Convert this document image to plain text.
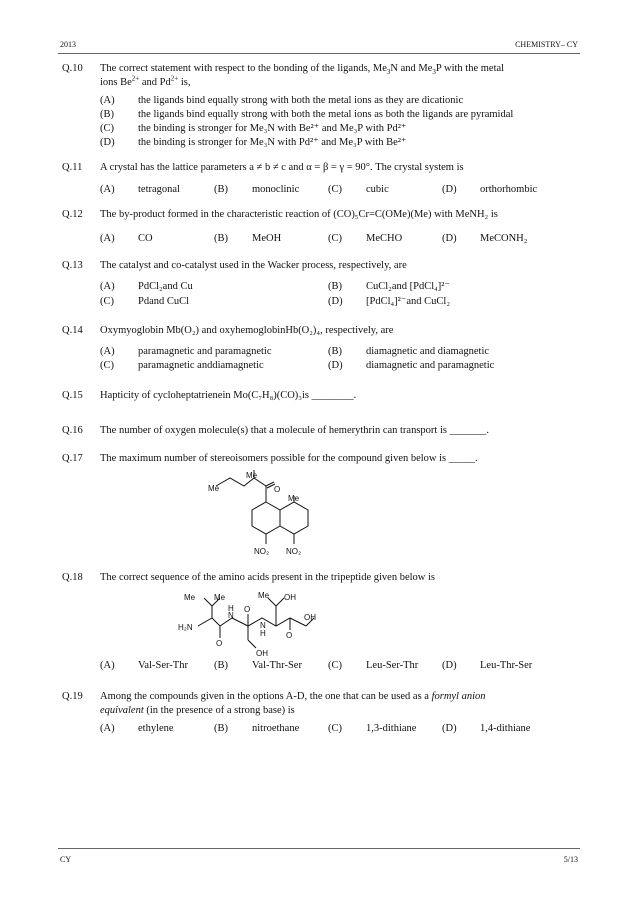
2013	CHEMISTRY– CY
CY	5/13
Q.10 The correct statement with respect to the bonding of the ligands, $Me_3N$ and $Me_3P$ with the metal
ions $Be^{2+}$ and $Pd^{2+}$ is,
(A) the ligands bind equally strong with both the metal ions as they are dicationic
(B) the ligands bind equally strong with both the metal ions as both the ligands are pyramidal
(C) the binding is stronger for Me₃N with Be²⁺ and Me₃P with Pd²⁺
(D) the binding is stronger for Me₃N with Pd²⁺ and Me₃P with Be²⁺
Q.11 A crystal has the lattice parameters a ≠ b ≠ c and α = β = γ = 90°. The crystal system is
(A) tetragonal	(B) monoclinic	(C) cubic	(D) orthorhombic
Q.12 The by-product formed in the characteristic reaction of (CO)₅Cr=C(OMe)(Me) with MeNH₂ is
(A) CO	(B) MeOH	(C) MeCHO	(D) MeCONH₂
Q.13 The catalyst and co-catalyst used in the Wacker process, respectively, are
(A) PdCl₂and Cu	(B) CuCl₂and [PdCl₄]²⁻
(C) Pdand CuCl	(D) [PdCl₄]²⁻and CuCl₂
Q.14 Oxymyoglobin Mb(O₂) and oxyhemoglobinHb(O₂)₄, respectively, are
(A) paramagnetic and paramagnetic	(B) diamagnetic and diamagnetic
(C) paramagnetic anddiamagnetic	(D) diamagnetic and paramagnetic
Q.15 Hapticity of cycloheptatrienein Mo(C₇H₈)(CO)₃is ________.
Q.16 The number of oxygen molecule(s) that a molecule of hemerythrin can transport is _______.
Q.17 The maximum number of stereoisomers possible for the compound given below is _____.
Me
Me	O
Me
NO₂ NO₂
Q.18 The correct sequence of the amino acids present in the tripeptide given below is
Me Me	Me OH
OH
H₂N
N
H
N
H
O
O
O
OH
(A) Val-Ser-Thr (B) Val-Thr-Ser (C) Leu-Ser-Thr (D) Leu-Thr-Ser
Q.19 Among the compounds given in the options A-D, the one that can be used as a formyl anion
equivalent (in the presence of a strong base) is
(A) ethylene	(B) nitroethane	(C) 1,3-dithiane (D) 1,4-dithiane
